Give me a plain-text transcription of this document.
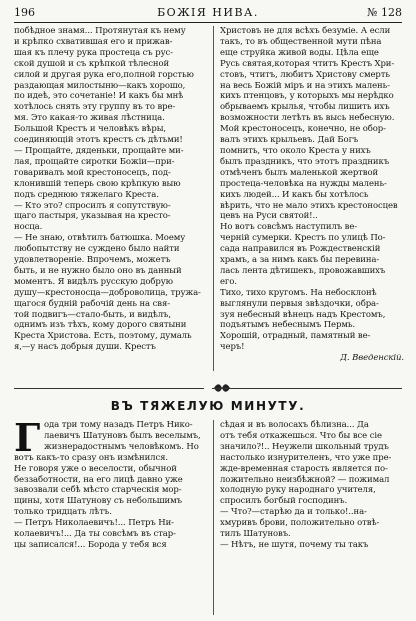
196	БОЖІЯ НИВА.	№ 128
побѣдное знамя... Протянутая къ нему
и крѣпко схватившая его и прижав-
шая къ плечу рука простеца съ рус-
ской душой и съ крѣпкой тѣлесной
силой и другая рука его,полной горстью
раздающая милостыню—какъ хорошо,
по идеѣ, это сочетаніе! И какъ бы мнѣ
хотѣлось снять эту группу въ то вре-
мя. Это какая-то живая лѣстница.
Большой Крестъ и человѣкъ вѣры,
соединяющій этотъ крестъ съ дѣтьми!
— Прощайте, дяденьки, прощайте ми-
лая, прощайте сиротки Божіи—при-
говаривалъ мой крестоносецъ, под-
клонившій теперь свою крѣпкую выю
подъ среднюю тяжелаго Креста.
— Кто это? спросилъ я сопутствую-
щаго пастыря, указывая на кресто-
носца.
— Не знаю, отвѣтилъ батюшка. Моему
любопытству не суждено было найти
удовлетвореніе. Впрочемъ, можетъ
быть, и не нужно было оно въ данный
моментъ. Я видѣлъ русскую добрую
душу—крестоносца—доброволица, тружа-
щагося будній рабочій день на свя-
той подвигъ—стало-быть, и видѣлъ,
однимъ изъ тѣхъ, кому дорого святыни
Креста Христова. Есть, поэтому, думаль
я,—у насъ добрыя души. Крестъ
Христовъ не для всѣхъ безуміе. А если
такъ, то въ общественной мути пѣна
еще струйка живой воды. Цѣла еще
Русь святая,которая чтитъ Крестъ Хри-
стовъ, чтитъ, любитъ Христову смерть
на весь Божій міръ и на этихъ малень-
кихъ птенцовъ, у которыхъ мы нерѣдко
обрываемъ крылья, чтобы лишить ихъ
возможности летѣть въ высь небесную.
Мой крестоносецъ, конечно, не обор-
валъ этихъ крыльевъ. Дай Богъ
помнить, что около Креста у нихъ
былъ праздникъ, что этотъ праздникъ
отмѣченъ былъ маленькой жертвой
простеца-человѣка на нужды малень-
кихъ людей... И какъ бы хотѣлось
вѣрить, что не мало этихъ крестоносцев
цевъ на Руси святой!..
Но вотъ совсѣмъ наступилъ ве-
черній сумерки. Крестъ по улицѣ По-
сада направился въ Рождественскій
храмъ, а за нимъ какъ бы перевина-
лась лента дѣтишекъ, провожавшихъ
его.
Тихо, тихо кругомъ. На небосклонѣ
выглянули первыя звѣздочки, обра-
зуя небесный вѣнецъ надъ Крестомъ,
подъятымъ небеснымъ Пермь.
Хорошій, отрадный, памятный ве-
черъ!
Д. Введенскій.
ВЪ ТЯЖЕЛУЮ МИНУТУ.
Г ода три тому назадъ Петръ Нико-
лаевичъ Шатуновъ былъ веселымъ,
жизнерадостнымъ человѣкомъ. Но
вотъ какъ-то сразу онъ измѣнился.
Не говоря уже о веселости, обычной
беззаботности, на его лицѣ давно уже
завозвали себѣ мѣсто старческія мор-
щины, хотя Шатунову съ небольшимъ
только тридцать лѣтъ.
— Петръ Николаевичъ!... Петръ Ни-
колаевичъ!... Да ты совсѣмъ въ стар-
цы записался!... Борода у тебя вся
сѣдая и въ волосахъ бѣлизна... Да
отъ тебя откажешься. Что бы все сіе
значило?!.. Неужели школьный трудъ
настолько изнурителенъ, что уже пре-
жде-временная старость является по-
ложительно неизбѣжной? — пожимал
холодную руку народнаго учителя,
спросилъ богбый господинъ.
— Что?—старѣю да и только!..на-
хмуривъ брови, положительно отвѣ-
тилъ Шатуновъ.
— Нѣтъ, не шутя, почему ты такъ
